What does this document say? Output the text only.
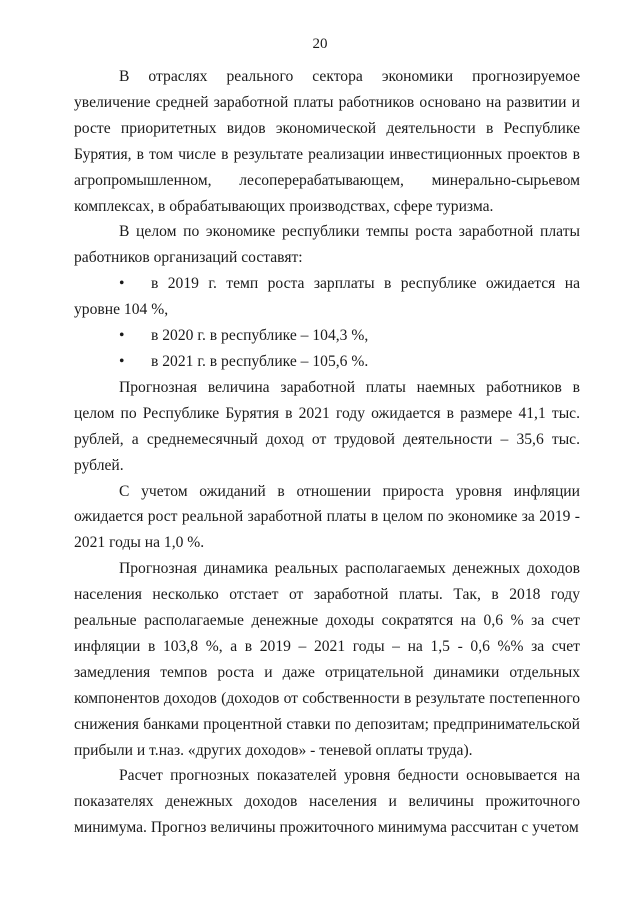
20

В отраслях реального сектора экономики прогнозируемое увеличение средней заработной платы работников основано на развитии и росте приоритетных видов экономической деятельности в Республике Бурятия, в том числе в результате реализации инвестиционных проектов в агропромышленном, лесоперерабатывающем, минерально-сырьевом комплексах, в обрабатывающих производствах, сфере туризма.

В целом по экономике республики темпы роста заработной платы работников организаций составят:

• в 2019 г. темп роста зарплаты в республике ожидается на уровне 104 %,

• в 2020 г. в республике – 104,3 %,

• в 2021 г. в республике – 105,6 %.

Прогнозная величина заработной платы наемных работников в целом по Республике Бурятия в 2021 году ожидается в размере 41,1 тыс. рублей, а среднемесячный доход от трудовой деятельности – 35,6 тыс. рублей.

С учетом ожиданий в отношении прироста уровня инфляции ожидается рост реальной заработной платы в целом по экономике за 2019 - 2021 годы на 1,0 %.

Прогнозная динамика реальных располагаемых денежных доходов населения несколько отстает от заработной платы. Так, в 2018 году реальные располагаемые денежные доходы сократятся на 0,6 % за счет инфляции в 103,8 %, а в 2019 – 2021 годы – на 1,5 - 0,6 %% за счет замедления темпов роста и даже отрицательной динамики отдельных компонентов доходов (доходов от собственности в результате постепенного снижения банками процентной ставки по депозитам; предпринимательской прибыли и т.наз. «других доходов» - теневой оплаты труда).

Расчет прогнозных показателей уровня бедности основывается на показателях денежных доходов населения и величины прожиточного минимума. Прогноз величины прожиточного минимума рассчитан с учетом
